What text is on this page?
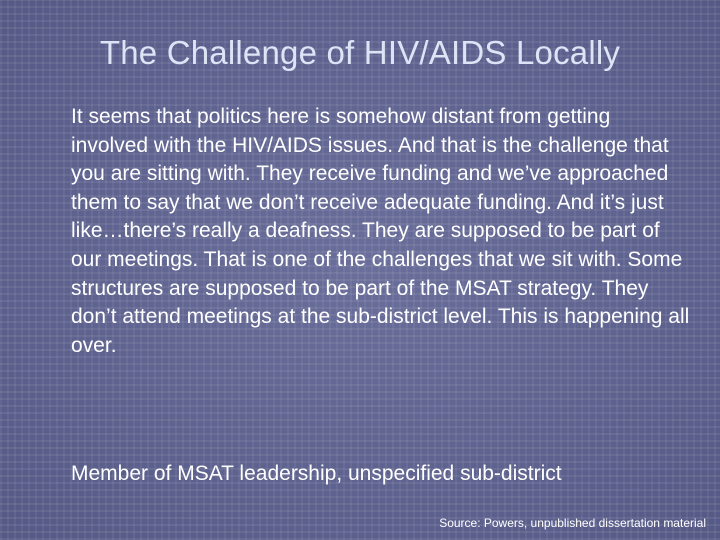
The Challenge of HIV/AIDS Locally

It seems that politics here is somehow distant from getting involved with the HIV/AIDS issues. And that is the challenge that you are sitting with. They receive funding and we’ve approached them to say that we don’t receive adequate funding. And it’s just like…there’s really a deafness. They are supposed to be part of our meetings. That is one of the challenges that we sit with. Some structures are supposed to be part of the MSAT strategy. They don’t attend meetings at the sub-district level. This is happening all over.

Member of MSAT leadership, unspecified sub-district

Source: Powers, unpublished dissertation material
